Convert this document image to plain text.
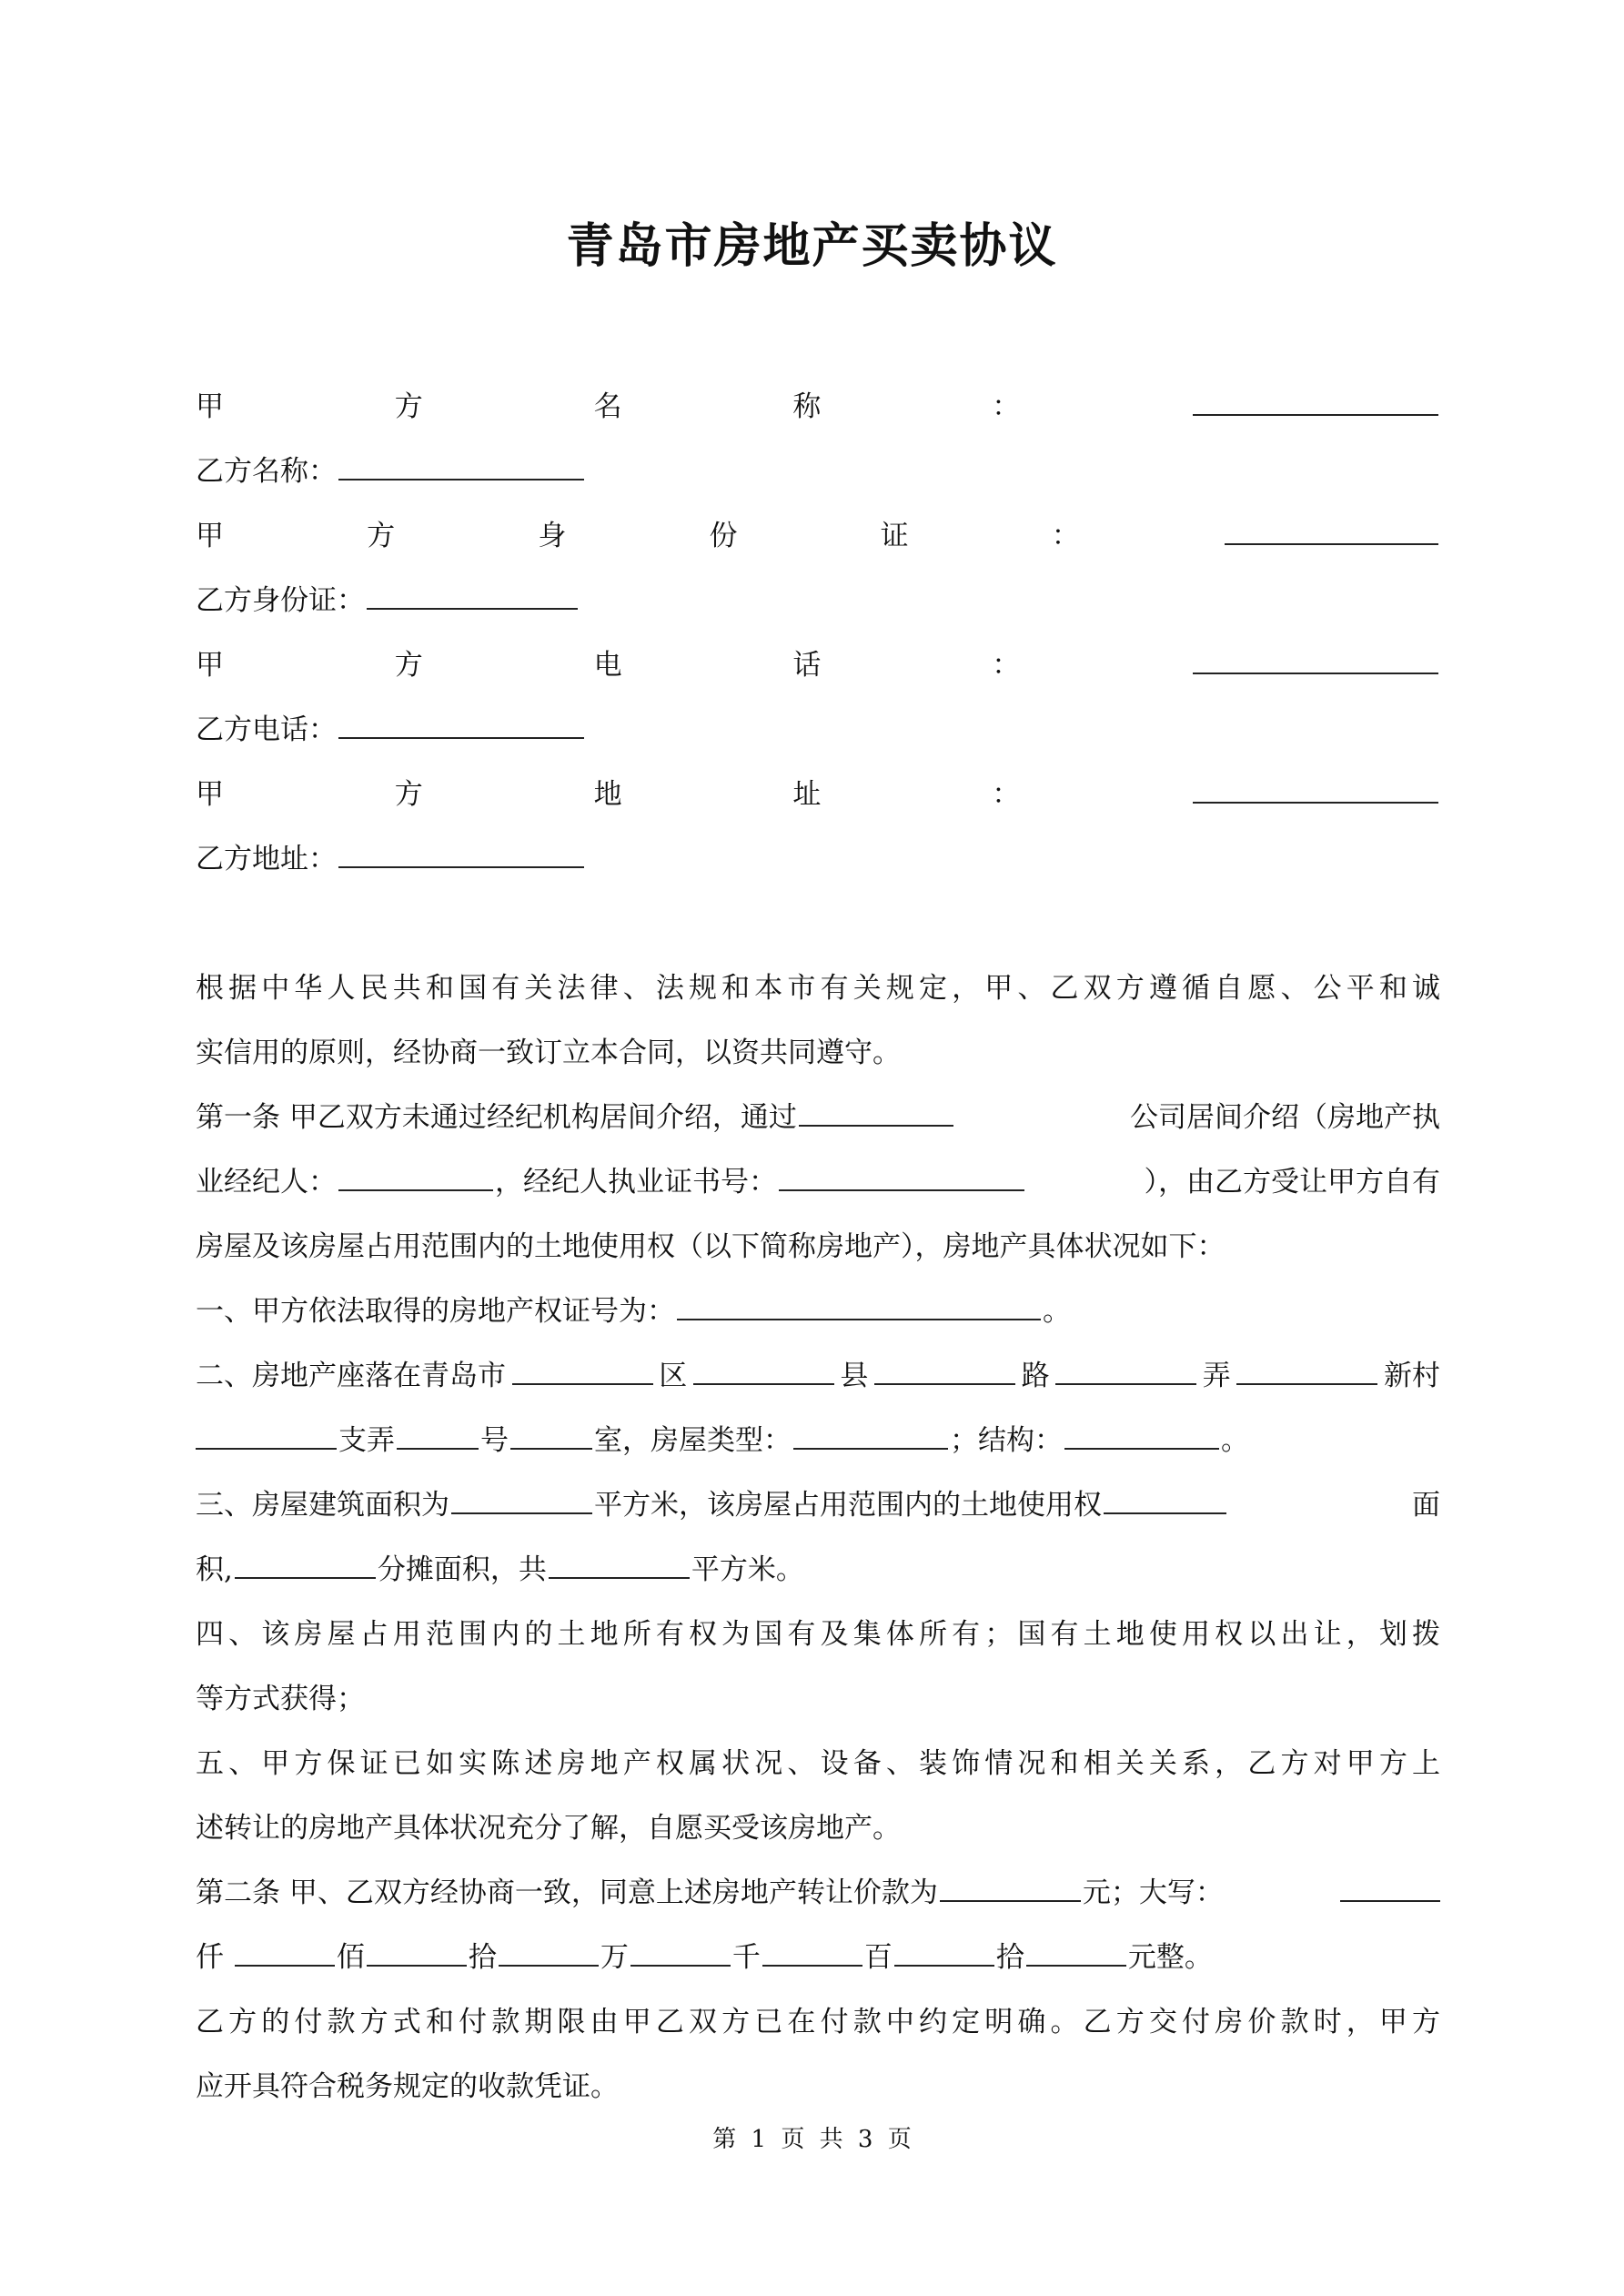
青岛市房地产买卖协议
甲	方	名	称	：
乙方名称：
甲	方	身	份	证	：
乙方身份证：
甲	方	电	话	：
乙方电话：
甲	方	地	址	：
乙方地址：
根据中华人民共和国有关法律、法规和本市有关规定，甲、乙双方遵循自愿、公平和诚
实信用的原则，经协商一致订立本合同，以资共同遵守。
第一条 甲乙双方未通过经纪机构居间介绍，通过	公司居间介绍（房地产执
业经纪人：	，经纪人执业证书号：	），由乙方受让甲方自有
房屋及该房屋占用范围内的土地使用权（以下简称房地产），房地产具体状况如下：
一、甲方依法取得的房地产权证号为：	。
二、房地产座落在青岛市	区	县	路	弄	新村
支弄	号	室，房屋类型：	；结构：	。
三、房屋建筑面积为	平方米，该房屋占用范围内的土地使用权	面
积,	分摊面积，共	平方米。
四、该房屋占用范围内的土地所有权为国有及集体所有；国有土地使用权以出让，划拨
等方式获得；
五、甲方保证已如实陈述房地产权属状况、设备、装饰情况和相关关系，乙方对甲方上
述转让的房地产具体状况充分了解，自愿买受该房地产。
第二条 甲、乙双方经协商一致，同意上述房地产转让价款为	元；大写：
仟	佰	拾	万	千	百	拾	元整。
乙方的付款方式和付款期限由甲乙双方已在付款中约定明确。乙方交付房价款时，甲方
应开具符合税务规定的收款凭证。
第 1 页 共 3 页
